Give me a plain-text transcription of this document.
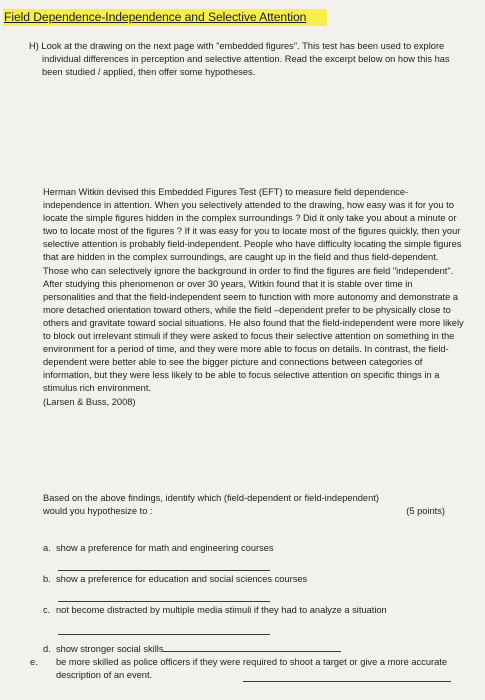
Field Dependence-Independence and Selective Attention

H) Look at the drawing on the next page with "embedded figures". This test has been used to explore individual differences in perception and selective attention. Read the excerpt below on how this has been studied / applied, then offer some hypotheses.

Herman Witkin devised this Embedded Figures Test (EFT) to measure field dependence-independence in attention. When you selectively attended to the drawing, how easy was it for you to locate the simple figures hidden in the complex surroundings ? Did it only take you about a minute or two to locate most of the figures ? If it was easy for you to locate most of the figures quickly, then your selective attention is probably field-independent. People who have difficulty locating the simple figures that are hidden in the complex surroundings, are caught up in the field and thus field-dependent. Those who can selectively ignore the background in order to find the figures are field "independent". After studying this phenomenon or over 30 years, Witkin found that it is stable over time in personalities and that the field-independent seem to function with more autonomy and demonstrate a more detached orientation toward others, while the field –dependent prefer to be physically close to others and gravitate toward social situations. He also found that the field-independent were more likely to block out irrelevant stimuli if they were asked to focus their selective attention on something in the environment for a period of time, and they were more able to focus on details. In contrast, the field-dependent were better able to see the bigger picture and connections between categories of information, but they were less likely to be able to focus selective attention on specific things in a stimulus rich environment.
(Larsen & Buss, 2008)

Based on the above findings, identify which (field-dependent or field-independent)
would you hypothesize to :	(5 points)

a. show a preference for math and engineering courses
b. show a preference for education and social sciences courses
c. not become distracted by multiple media stimuli if they had to analyze a situation
d. show stronger social skills
e. be more skilled as police officers if they were required to shoot a target or give a more accurate description of an event.
